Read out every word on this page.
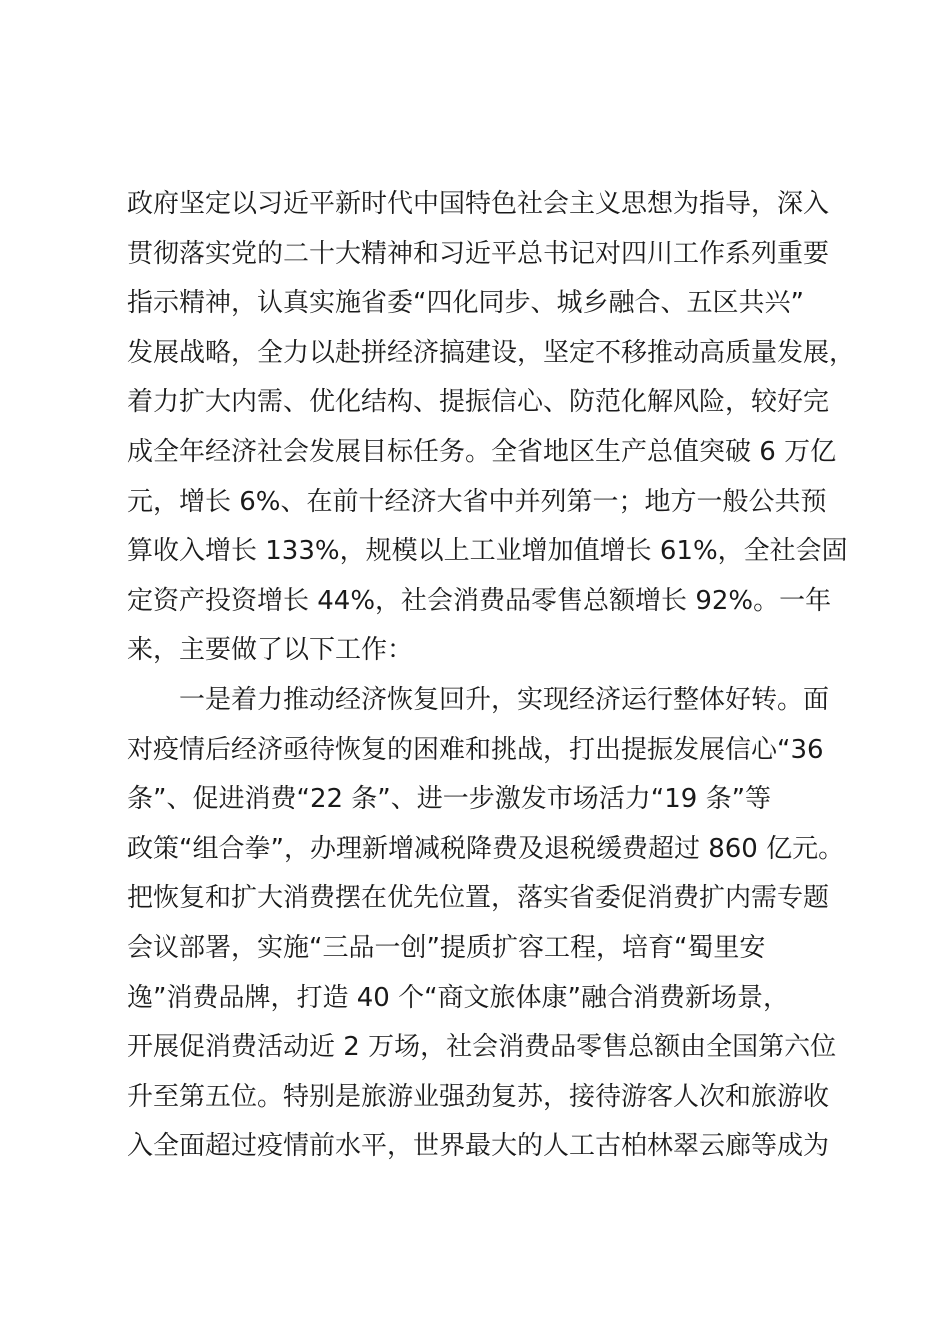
政府坚定以习近平新时代中国特色社会主义思想为指导，深入
贯彻落实党的二十大精神和习近平总书记对四川工作系列重要
指示精神，认真实施省委“四化同步、城乡融合、五区共兴”
发展战略，全力以赴拼经济搞建设，坚定不移推动高质量发展，
着力扩大内需、优化结构、提振信心、防范化解风险，较好完
成全年经济社会发展目标任务。全省地区生产总值突破 6 万亿
元，增长 6%、在前十经济大省中并列第一；地方一般公共预
算收入增长 133%，规模以上工业增加值增长 61%，全社会固
定资产投资增长 44%，社会消费品零售总额增长 92%。一年
来，主要做了以下工作：
一是着力推动经济恢复回升，实现经济运行整体好转。面
对疫情后经济亟待恢复的困难和挑战，打出提振发展信心“36
条”、促进消费“22 条”、进一步激发市场活力“19 条”等
政策“组合拳”，办理新增减税降费及退税缓费超过 860 亿元。
把恢复和扩大消费摆在优先位置，落实省委促消费扩内需专题
会议部署，实施“三品一创”提质扩容工程，培育“蜀里安
逸”消费品牌，打造 40 个“商文旅体康”融合消费新场景，
开展促消费活动近 2 万场，社会消费品零售总额由全国第六位
升至第五位。特别是旅游业强劲复苏，接待游客人次和旅游收
入全面超过疫情前水平，世界最大的人工古柏林翠云廊等成为
